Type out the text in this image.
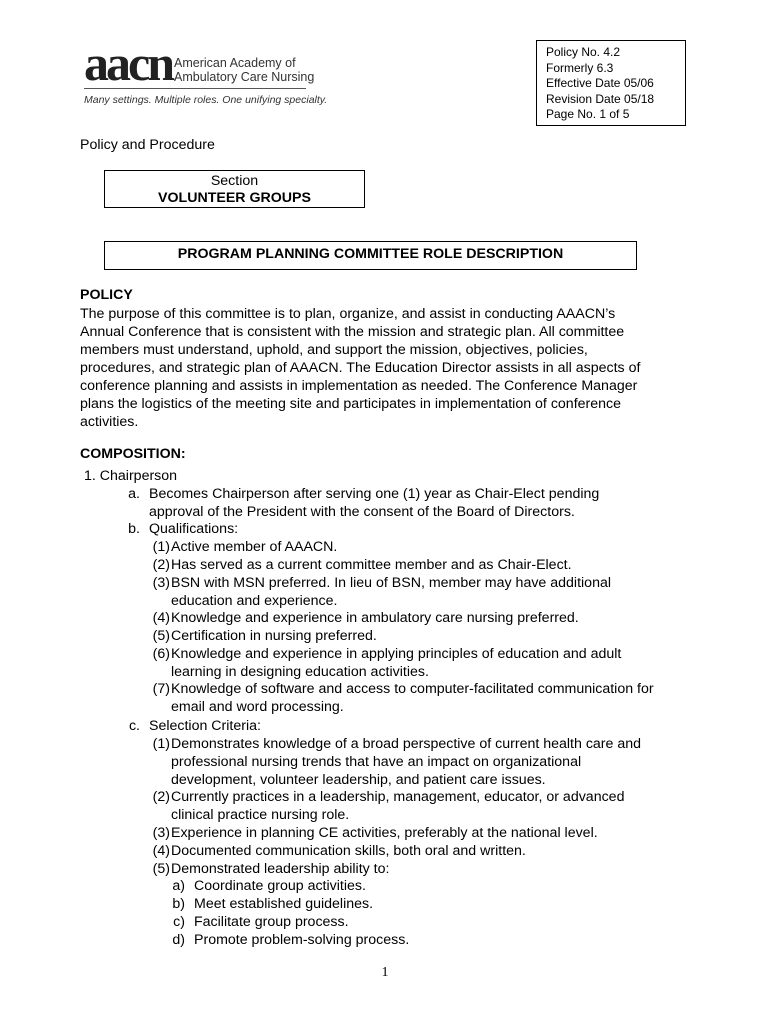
aacn American Academy of
Ambulatory Care Nursing
Many settings. Multiple roles. One unifying specialty.
Policy No. 4.2
Formerly 6.3
Effective Date 05/06
Revision Date 05/18
Page No. 1 of 5
Policy and Procedure
Section
VOLUNTEER GROUPS
PROGRAM PLANNING COMMITTEE ROLE DESCRIPTION
POLICY
The purpose of this committee is to plan, organize, and assist in conducting AAACN’s
Annual Conference that is consistent with the mission and strategic plan. All committee
members must understand, uphold, and support the mission, objectives, policies,
procedures, and strategic plan of AAACN. The Education Director assists in all aspects of
conference planning and assists in implementation as needed. The Conference Manager
plans the logistics of the meeting site and participates in implementation of conference
activities.
COMPOSITION:
1. Chairperson
a. Becomes Chairperson after serving one (1) year as Chair-Elect pending
approval of the President with the consent of the Board of Directors.
b. Qualifications:
(1) Active member of AAACN.
(2) Has served as a current committee member and as Chair-Elect.
(3) BSN with MSN preferred. In lieu of BSN, member may have additional
education and experience.
(4) Knowledge and experience in ambulatory care nursing preferred.
(5) Certification in nursing preferred.
(6) Knowledge and experience in applying principles of education and adult
learning in designing education activities.
(7) Knowledge of software and access to computer-facilitated communication for
email and word processing.
c. Selection Criteria:
(1) Demonstrates knowledge of a broad perspective of current health care and
professional nursing trends that have an impact on organizational
development, volunteer leadership, and patient care issues.
(2) Currently practices in a leadership, management, educator, or advanced
clinical practice nursing role.
(3) Experience in planning CE activities, preferably at the national level.
(4) Documented communication skills, both oral and written.
(5) Demonstrated leadership ability to:
a) Coordinate group activities.
b) Meet established guidelines.
c) Facilitate group process.
d) Promote problem-solving process.
1
